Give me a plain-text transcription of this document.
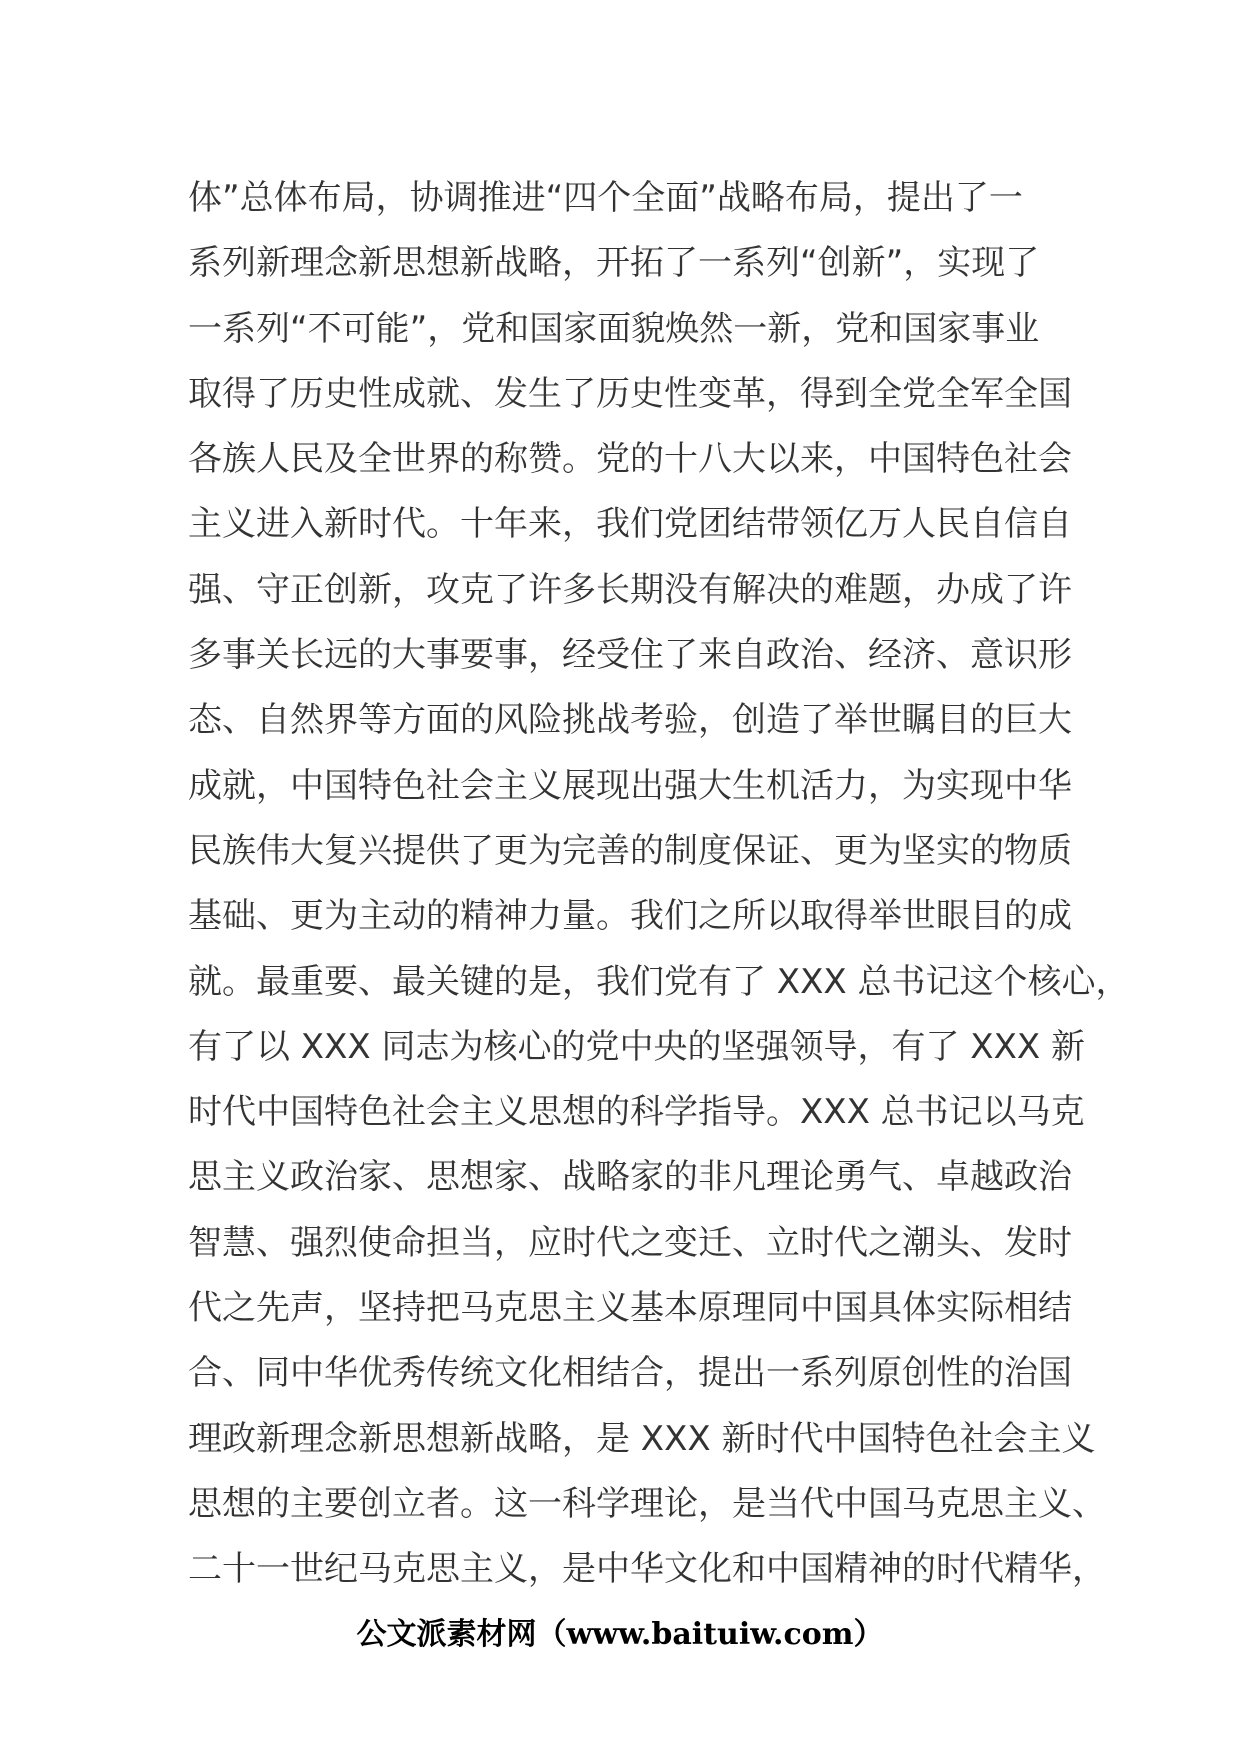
体”总体布局，协调推进“四个全面”战略布局，提出了一
系列新理念新思想新战略，开拓了一系列“创新”，实现了
一系列“不可能”，党和国家面貌焕然一新，党和国家事业
取得了历史性成就、发生了历史性变革，得到全党全军全国
各族人民及全世界的称赞。党的十八大以来，中国特色社会
主义进入新时代。十年来，我们党团结带领亿万人民自信自
强、守正创新，攻克了许多长期没有解决的难题，办成了许
多事关长远的大事要事，经受住了来自政治、经济、意识形
态、自然界等方面的风险挑战考验，创造了举世瞩目的巨大
成就，中国特色社会主义展现出强大生机活力，为实现中华
民族伟大复兴提供了更为完善的制度保证、更为坚实的物质
基础、更为主动的精神力量。我们之所以取得举世眼目的成
就。最重要、最关键的是，我们党有了 XXX 总书记这个核心，
有了以 XXX 同志为核心的党中央的坚强领导，有了 XXX 新
时代中国特色社会主义思想的科学指导。XXX 总书记以马克
思主义政治家、思想家、战略家的非凡理论勇气、卓越政治
智慧、强烈使命担当，应时代之变迁、立时代之潮头、发时
代之先声，坚持把马克思主义基本原理同中国具体实际相结
合、同中华优秀传统文化相结合，提出一系列原创性的治国
理政新理念新思想新战略，是 XXX 新时代中国特色社会主义
思想的主要创立者。这一科学理论，是当代中国马克思主义、
二十一世纪马克思主义，是中华文化和中国精神的时代精华，
公文派素材网（www.baituiw.com）
